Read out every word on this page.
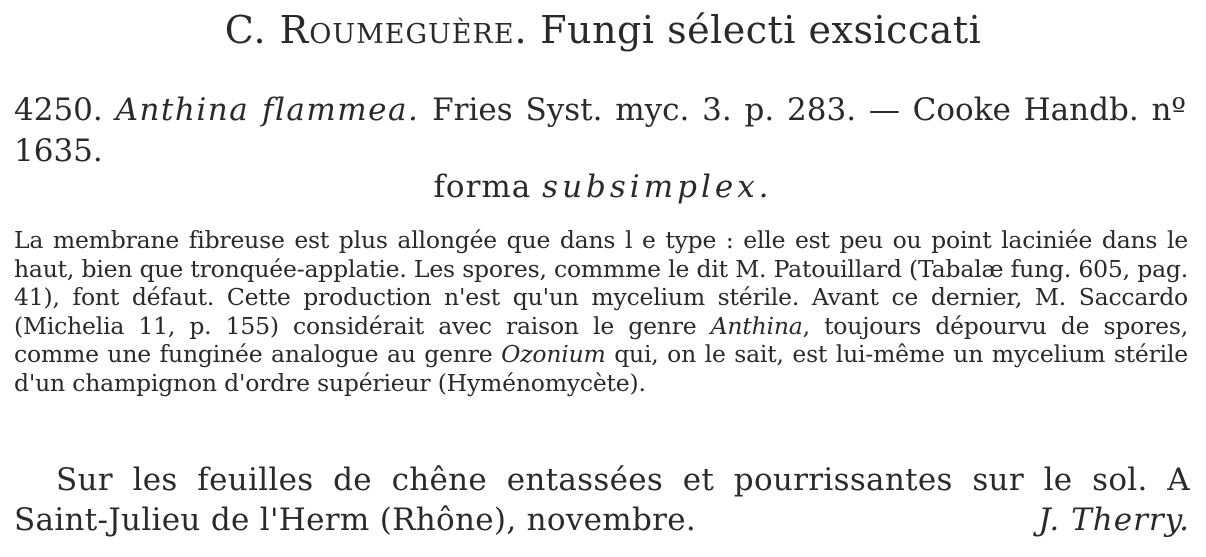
C. Roumeguère. Fungi sélecti exsiccati
4250. Anthina flammea. Fries Syst. myc. 3. p. 283. — Cooke Handb. nº 1635.
forma subsimplex.
La membrane fibreuse est plus allongée que dans l e type : elle est peu ou point laciniée dans le haut, bien que tronquée-applatie. Les spores, commme le dit M. Patouillard (Tabalæ fung. 605, pag. 41), font défaut. Cette production n'est qu'un mycelium stérile. Avant ce dernier, M. Saccardo (Michelia 11, p. 155) considérait avec raison le genre Anthina, toujours dépourvu de spores, comme une funginée analogue au genre Ozonium qui, on le sait, est lui-même un mycelium stérile d'un champignon d'ordre supérieur (Hyménomycète).
Sur les feuilles de chêne entassées et pourrissantes sur le sol. A
Saint-Julieu de l'Herm (Rhône), novembre.	J. Therry.
